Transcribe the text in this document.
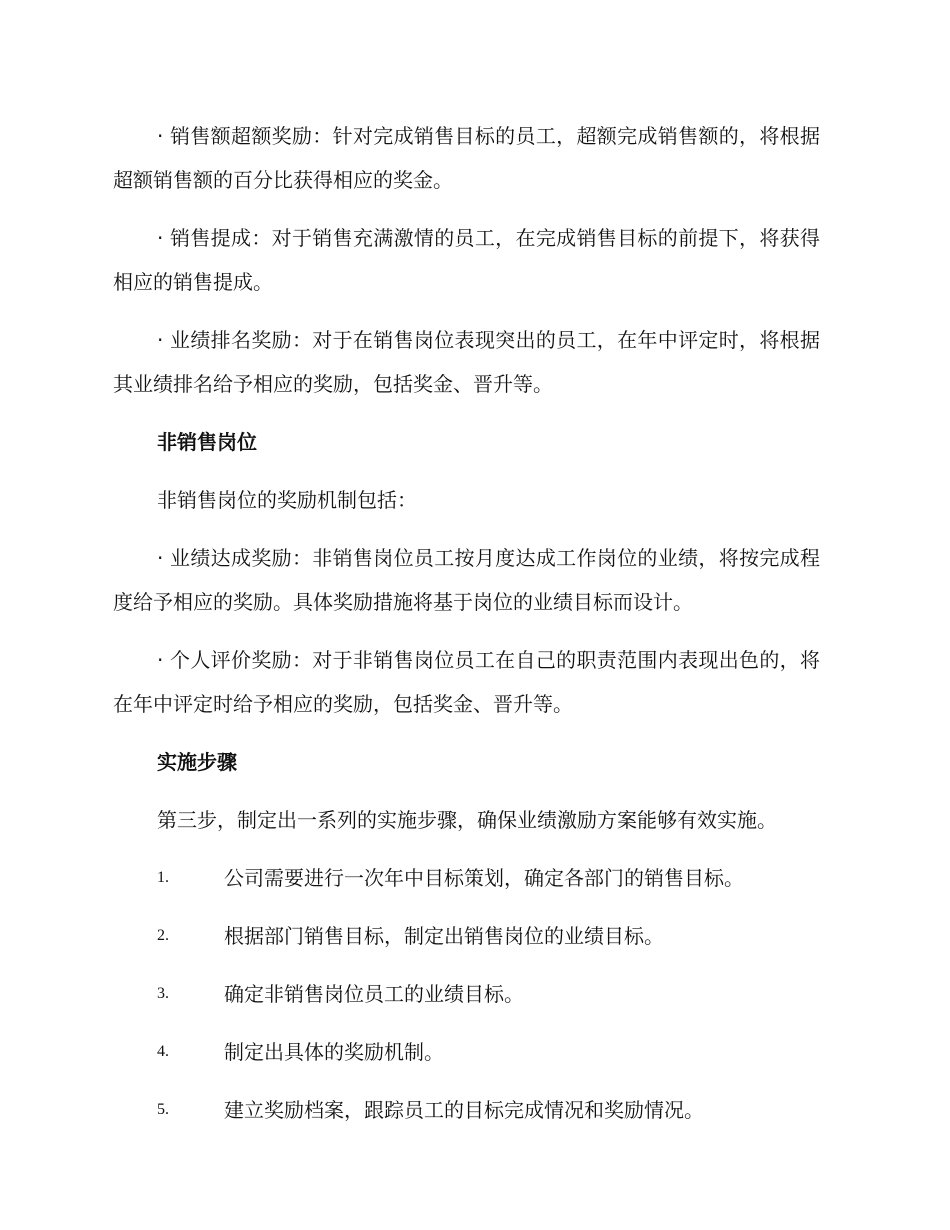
· 销售额超额奖励：针对完成销售目标的员工，超额完成销售额的，将根据超额销售额的百分比获得相应的奖金。

· 销售提成：对于销售充满激情的员工，在完成销售目标的前提下，将获得相应的销售提成。

· 业绩排名奖励：对于在销售岗位表现突出的员工，在年中评定时，将根据其业绩排名给予相应的奖励，包括奖金、晋升等。

非销售岗位

非销售岗位的奖励机制包括：

· 业绩达成奖励：非销售岗位员工按月度达成工作岗位的业绩，将按完成程度给予相应的奖励。具体奖励措施将基于岗位的业绩目标而设计。

· 个人评价奖励：对于非销售岗位员工在自己的职责范围内表现出色的，将在年中评定时给予相应的奖励，包括奖金、晋升等。

实施步骤

第三步，制定出一系列的实施步骤，确保业绩激励方案能够有效实施。

1.	公司需要进行一次年中目标策划，确定各部门的销售目标。
2.	根据部门销售目标，制定出销售岗位的业绩目标。
3.	确定非销售岗位员工的业绩目标。
4.	制定出具体的奖励机制。
5.	建立奖励档案，跟踪员工的目标完成情况和奖励情况。
